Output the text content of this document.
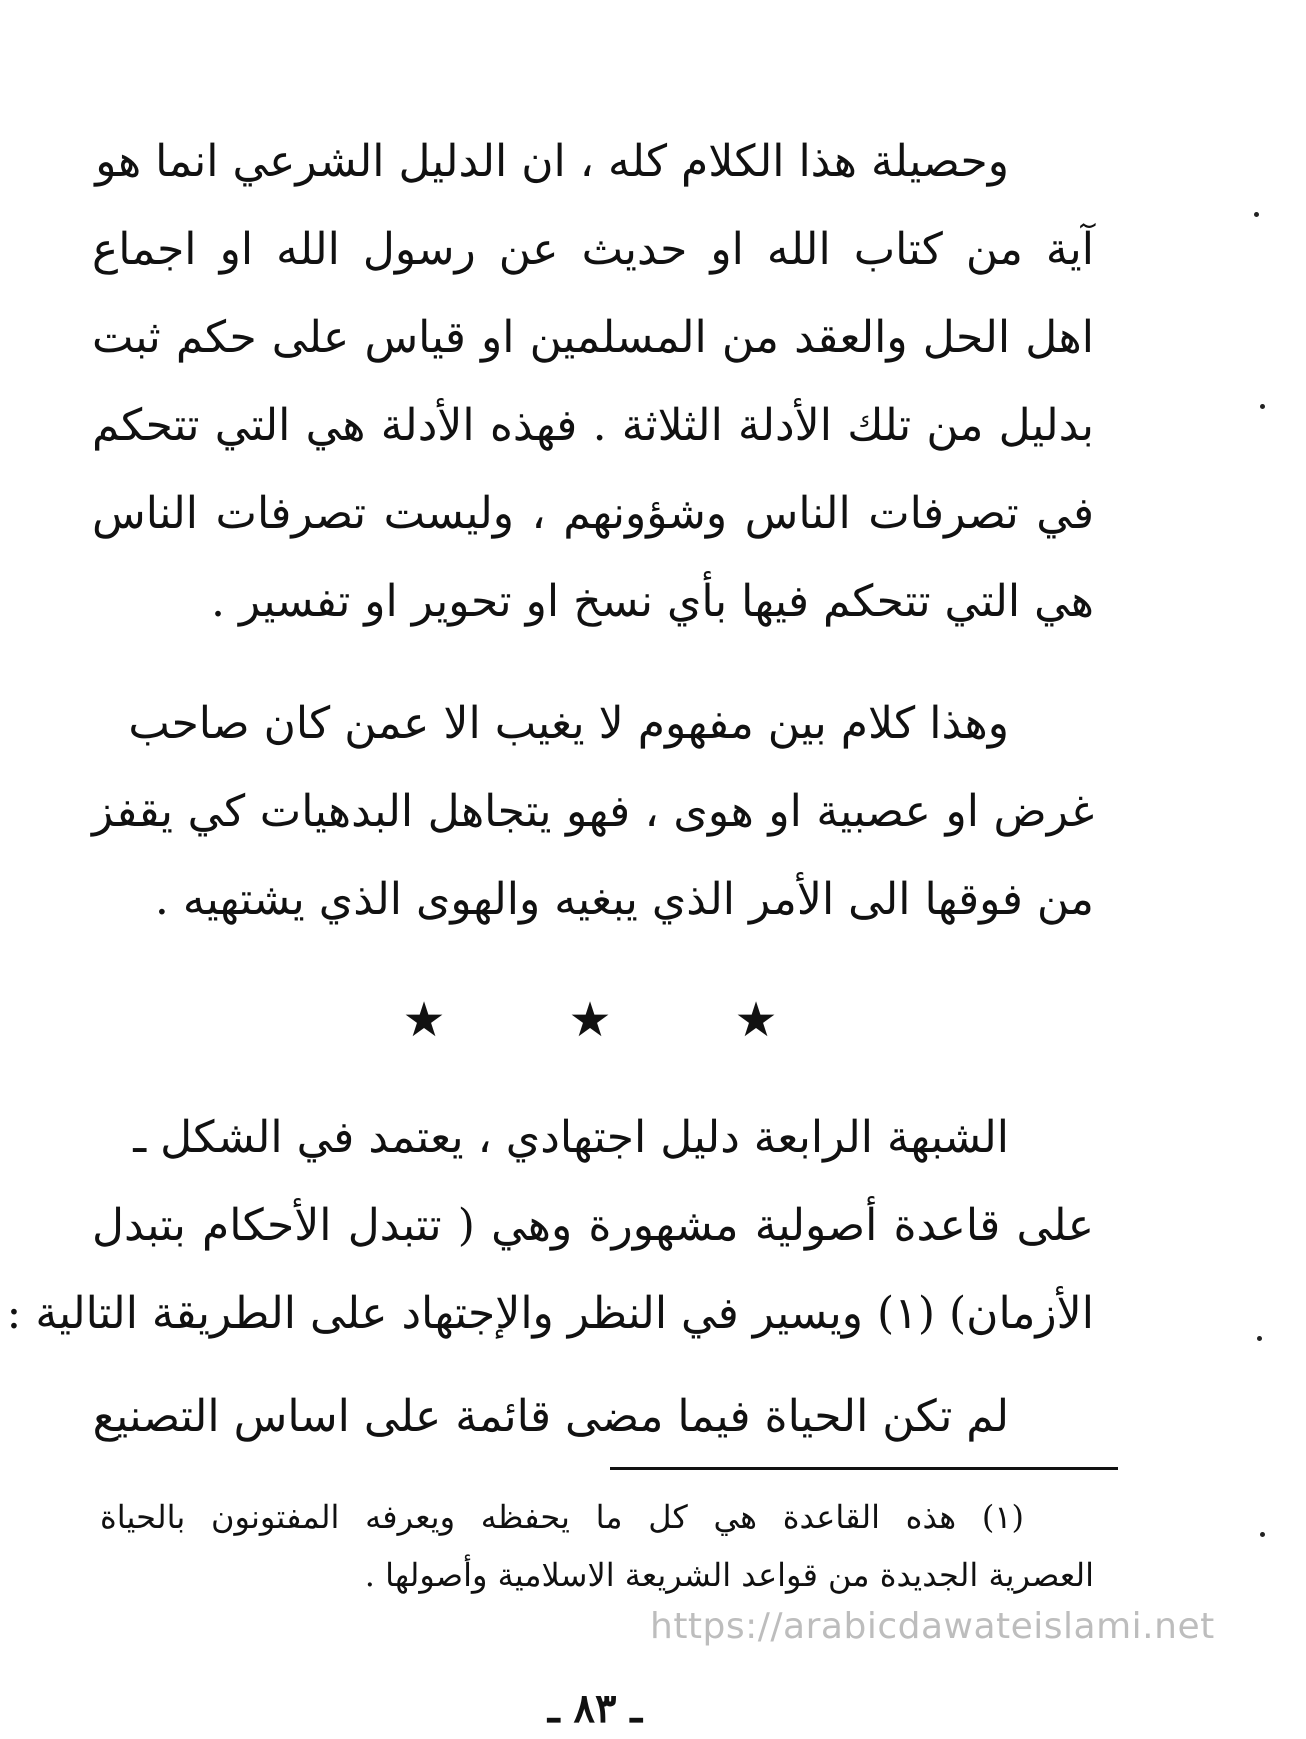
وحصيلة هذا الكلام كله ، ان الدليل الشرعي انما هو
آية من كتاب الله او حديث عن رسول الله او اجماع
اهل الحل والعقد من المسلمين او قياس على حكم ثبت
بدليل من تلك الأدلة الثلاثة . فهذه الأدلة هي التي تتحكم
في تصرفات الناس وشؤونهم ، وليست تصرفات الناس
هي التي تتحكم فيها بأي نسخ او تحوير او تفسير .
وهذا كلام بين مفهوم لا يغيب الا عمن كان صاحب
غرض او عصبية او هوى ، فهو يتجاهل البدهيات كي يقفز
من فوقها الى الأمر الذي يبغيه والهوى الذي يشتهيه .
★	★	★
الشبهة الرابعة دليل اجتهادي ، يعتمد في الشكل ـ
على قاعدة أصولية مشهورة وهي ( تتبدل الأحكام بتبدل
الأزمان) (١) ويسير في النظر والإجتهاد على الطريقة التالية :
لم تكن الحياة فيما مضى قائمة على اساس التصنيع
(١) هذه القاعدة هي كل ما يحفظه ويعرفه المفتونون بالحياة
العصرية الجديدة من قواعد الشريعة الاسلامية وأصولها .
https://arabicdawateislami.net
ـ ٨٣ ـ
